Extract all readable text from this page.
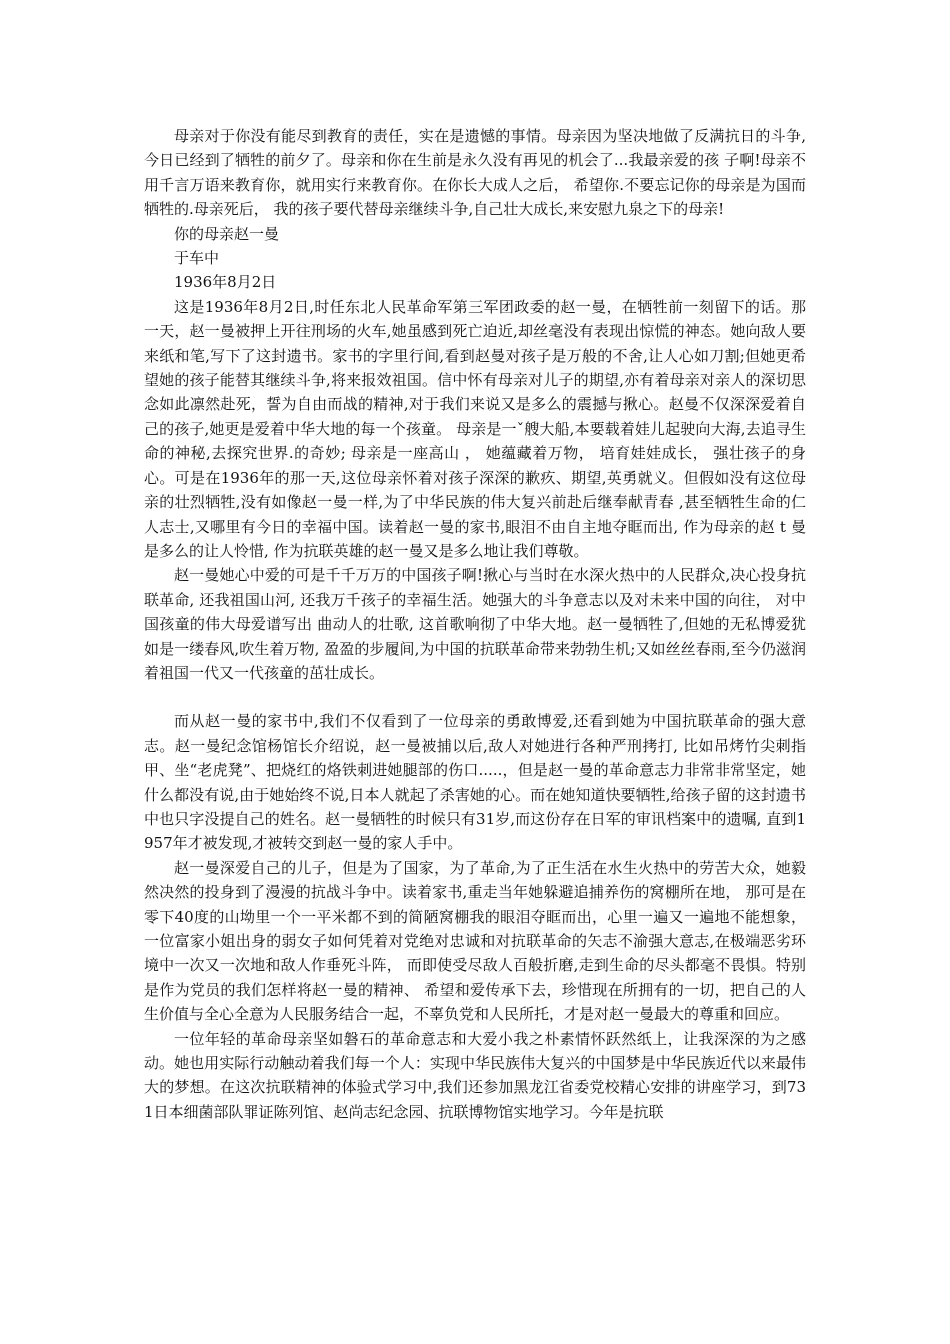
母亲对于你没有能尽到教育的责任，实在是遗憾的事情。母亲因为坚决地做了反满抗日的斗争,今日已经到了牺牲的前夕了。母亲和你在生前是永久没有再见的机会了...我最亲爱的孩 子啊!母亲不用千言万语来教育你，就用实行来教育你。在你长大成人之后， 希望你.不要忘记你的母亲是为国而牺牲的.母亲死后， 我的孩子要代替母亲继续斗争,自己壮大成长,来安慰九泉之下的母亲!

你的母亲赵一曼

于车中

1936年8月2日

这是1936年8月2日,时任东北人民革命军第三军团政委的赵一曼，在牺牲前一刻留下的话。那一天，赵一曼被押上开往刑场的火车,她虽感到死亡迫近,却丝毫没有表现出惊慌的神态。她向敌人要来纸和笔,写下了这封遗书。家书的字里行间,看到赵曼对孩子是万般的不舍,让人心如刀割;但她更希望她的孩子能替其继续斗争,将来报效祖国。信中怀有母亲对儿子的期望,亦有着母亲对亲人的深切思念如此凛然赴死，誓为自由而战的精神,对于我们来说又是多么的震撼与揪心。赵曼不仅深深爱着自己的孩子,她更是爱着中华大地的每一个孩童。 母亲是一ˇ艘大船,本要载着娃儿起驶向大海,去追寻生命的神秘,去探究世界.的奇妙; 母亲是一座高山 ， 她蕴藏着万物， 培育娃娃成长， 强壮孩子的身心。可是在1936年的那一天,这位母亲怀着对孩子深深的歉疚、期望,英勇就义。但假如没有这位母亲的壮烈牺牲,没有如像赵一曼一样,为了中华民族的伟大复兴前赴后继奉献青春 ,甚至牺牲生命的仁人志士,又哪里有今日的幸福中国。读着赵一曼的家书,眼泪不由自主地夺眶而出, 作为母亲的赵 t 曼是多么的让人怜惜, 作为抗联英雄的赵一曼又是多么地让我们尊敬。

赵一曼她心中爱的可是千千万万的中国孩子啊!揪心与当时在水深火热中的人民群众,决心投身抗联革命, 还我祖国山河, 还我万千孩子的幸福生活。她强大的斗争意志以及对未来中国的向往， 对中国孩童的伟大母爱谱写出 曲动人的壮歌, 这首歌响彻了中华大地。赵一曼牺牲了,但她的无私博爱犹如是一缕春风,吹生着万物, 盈盈的步履间,为中国的抗联革命带来勃勃生机;又如丝丝春雨,至今仍滋润着祖国一代又一代孩童的茁壮成长。

而从赵一曼的家书中,我们不仅看到了一位母亲的勇敢博爱,还看到她为中国抗联革命的强大意志。赵一曼纪念馆杨馆长介绍说，赵一曼被捕以后,敌人对她进行各种严刑拷打, 比如吊烤竹尖刺指甲、坐“老虎凳”、把烧红的烙铁刺进她腿部的伤口.....，但是赵一曼的革命意志力非常非常坚定，她什么都没有说,由于她始终不说,日本人就起了杀害她的心。而在她知道快要牺牲,给孩子留的这封遗书中也只字没提自己的姓名。赵一曼牺牲的时候只有31岁,而这份存在日军的审讯档案中的遗嘱, 直到1957年才被发现,才被转交到赵一曼的家人手中。

赵一曼深爱自己的儿子，但是为了国家，为了革命,为了正生活在水生火热中的劳苦大众，她毅然决然的投身到了漫漫的抗战斗争中。读着家书,重走当年她躲避追捕养伤的窝棚所在地， 那可是在零下40度的山坳里一个一平米都不到的简陋窝棚我的眼泪夺眶而出，心里一遍又一遍地不能想象，一位富家小姐出身的弱女子如何凭着对党绝对忠诚和对抗联革命的矢志不渝强大意志,在极端恶劣环境中一次又一次地和敌人作垂死斗阵， 而即使受尽敌人百般折磨,走到生命的尽头都毫不畏惧。特别是作为党员的我们怎样将赵一曼的精神、 希望和爱传承下去，珍惜现在所拥有的一切，把自己的人生价值与全心全意为人民服务结合一起，不辜负党和人民所托，才是对赵一曼最大的尊重和回应。

一位年轻的革命母亲坚如磐石的革命意志和大爱小我之朴素情怀跃然纸上，让我深深的为之感动。她也用实际行动触动着我们每一个人：实现中华民族伟大复兴的中国梦是中华民族近代以来最伟大的梦想。在这次抗联精神的体验式学习中,我们还参加黑龙江省委党校精心安排的讲座学习，到731日本细菌部队罪证陈列馆、赵尚志纪念园、抗联博物馆实地学习。今年是抗联
